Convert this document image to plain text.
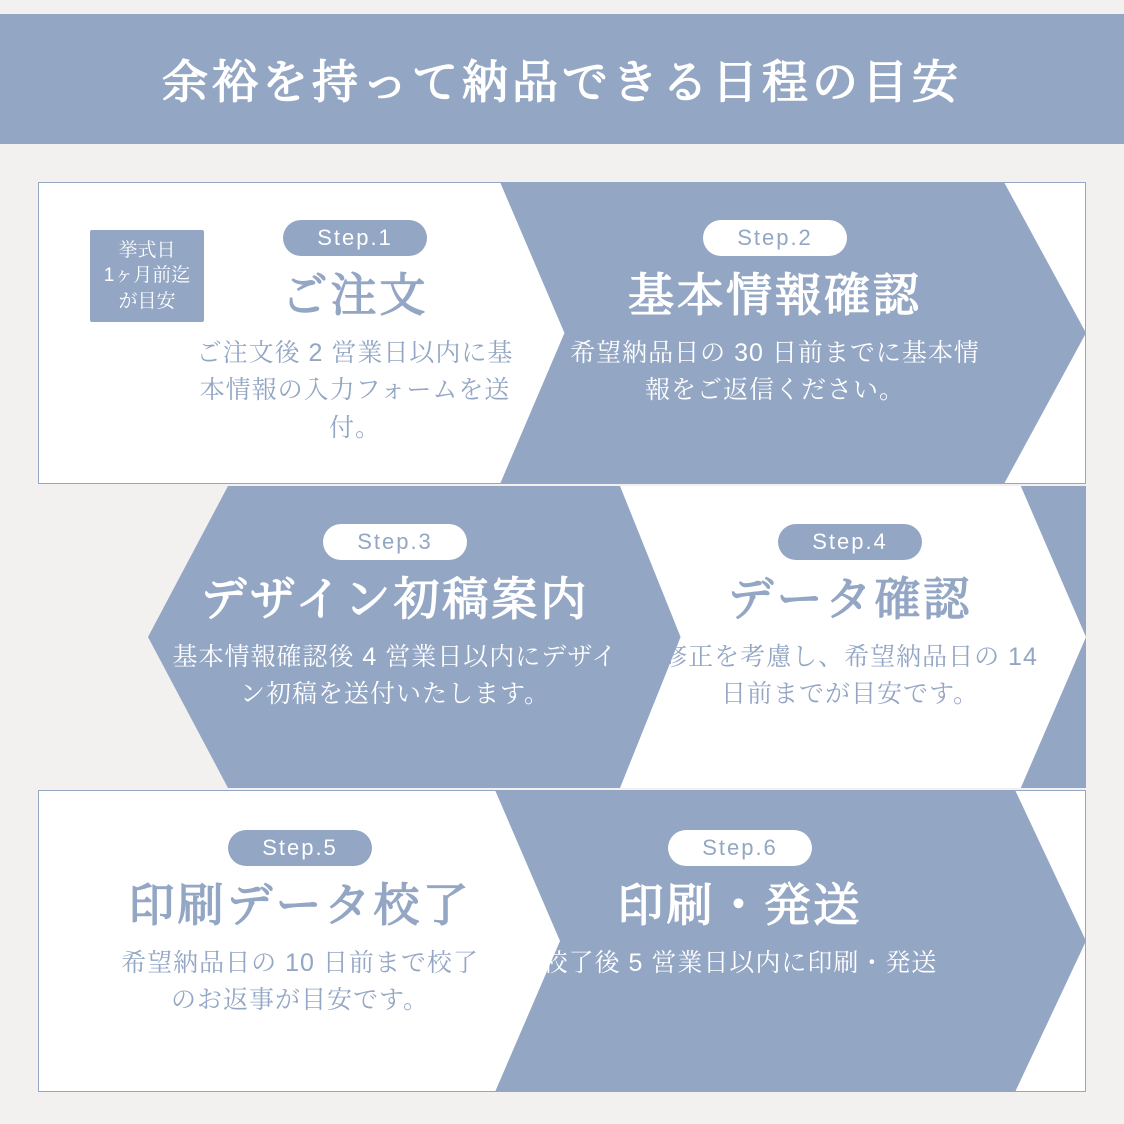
余裕を持って納品できる日程の目安
挙式日
1ヶ月前迄
が目安
Step.1
ご注文
ご注文後 2 営業日以内に基本情報の入力フォームを送付。
Step.2
基本情報確認
希望納品日の 30 日前までに基本情報をご返信ください。
Step.3
デザイン初稿案内
基本情報確認後 4 営業日以内にデザイン初稿を送付いたします。
Step.4
データ確認
修正を考慮し、希望納品日の 14 日前までが目安です。
Step.5
印刷データ校了
希望納品日の 10 日前まで校了のお返事が目安です。
Step.6
印刷・発送
校了後 5 営業日以内に印刷・発送
